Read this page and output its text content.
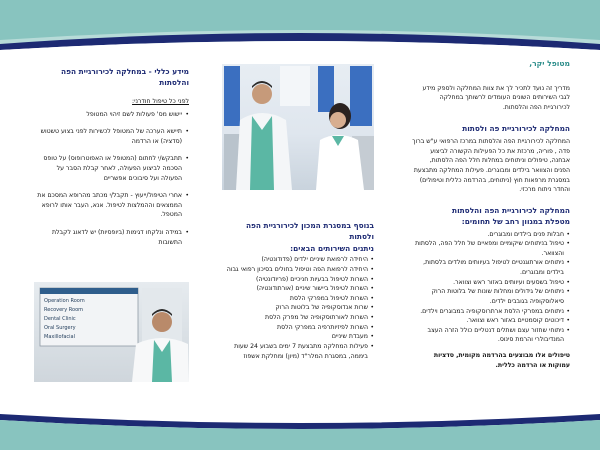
מטופל יקר,

מדריך זה נועד לתכיר לך את צוות המחלקה ולספק מידע לגבי השירותים השונים העומדים לרשותך במחלקה לכירורגיית הפה והלסתות.

המחלקה לכירורגיית פה ולסתות

המחלקה לכירורגיית הפה והלסתות במרכז הרפואי ע"ש ברוך פדה , פוריה, מרכזת את כל הפעילות הקשורה לביצוע אבחנה, טיפולים וניתוחים במחלות חלל הפה הלסתות, הפנים והצוואר בילדים ומבוגרים. פעילות המחלקה מתבצעת במסגרת מרפאות חוץ (ניתוחים, בהרדמה כללית וטיפולים) והחדר ניתוח מרכזי.

המחלקה לכירורגיית הפה והלסתות
מטפלת במגוון רחב של תחומים:
• חבלות פנים בילדים ומבוגרים.
• טיפול בניתוחים שיקומיים ומפאיים של חלל הפה, הלסתות והצוואר.
• ניתוחים אורתוגנטיים לטיפול בעיוותים מולדים בלסתות, בילדים ומבוגרים.
• טיפול בשסעים ועיוותים באזור ראש וצוואר.
• ניתוחים של גידולים ומחלות שונות של בלוטות הרוק סיאלוסקופיה בגובבים ילדים.
• ניתוחים במפרקי הלסת ארתרוסקופיה במבוגרים וילדים.
• דיכוטים קוסמטיים באזור ראש וצוואר.
• ניתוחי שחזור עצם ושתלים דנטליים כולל הזרה העצב המנדיבולרי והרמת סינוס.
טיפולים אלו מבוצעים בהרדמה מקומית, סדציות עמוקות או הרדמה כללית.
בנוסף במסגרת המכון לכירורגיית הפה ולסתות
ניתנים השירותים הבאים:
• היחידה לרפואת שיניים ילדים (פדודונטיה)
• היחידה לרפואת הפה וטיפול בחולים בסיכון רפואי גבוה
• השרות לטיפול בבעיות חניכיים (פריודונטיה)
• השרות לטיפול ביישור שיניים (אורתודונטיה)
• השרות לטיפול במפרקי הלסת
• שרות אנדוסקופיה של בלוטות הרוק
• השרות לאורתוסקופיה של מפרק הלסת
• השרות לפיזיותרפיה במפרקי הלסת
• מעבדת שיניים
• פעילות המחלקה מתבצעת 7 ימים בשבוע 24 שעות ביממה, במסגרת המלר"ד (מיון) ומחלקת אשפוז
מידע כללי - במחלקה לכירורגיית הפה והלסתות
לפני כל טיפול חודרני:

• יישוש מס' פעולות לשם זיהוי המטופל

• תיישא הערכה של המטופל לכשירות לפני בצוע טשטוש (סדציה) או הרדמה

• תתבקש/י לחתום (המטופל או האפוטרופוס) על טופס הסכמה לביצוע הפעולה, לאחר קבלת הסבר על הפעולה ועל סיבוכים אפשריים

• אחרי הטיפול/ייעוץ - תקבל/י מכתב מהרופא המסכם את הממצאים וההמלצות לטיפול. אנא, העבר אותו לרופא המטפל.

• במידה ונלקחו דגימות (ביופסיות) יש לדאוג לקבלת התשובות

Operation Room
Recovery Room
Dental Clinic
Oral Surgery
Maxillofacial
